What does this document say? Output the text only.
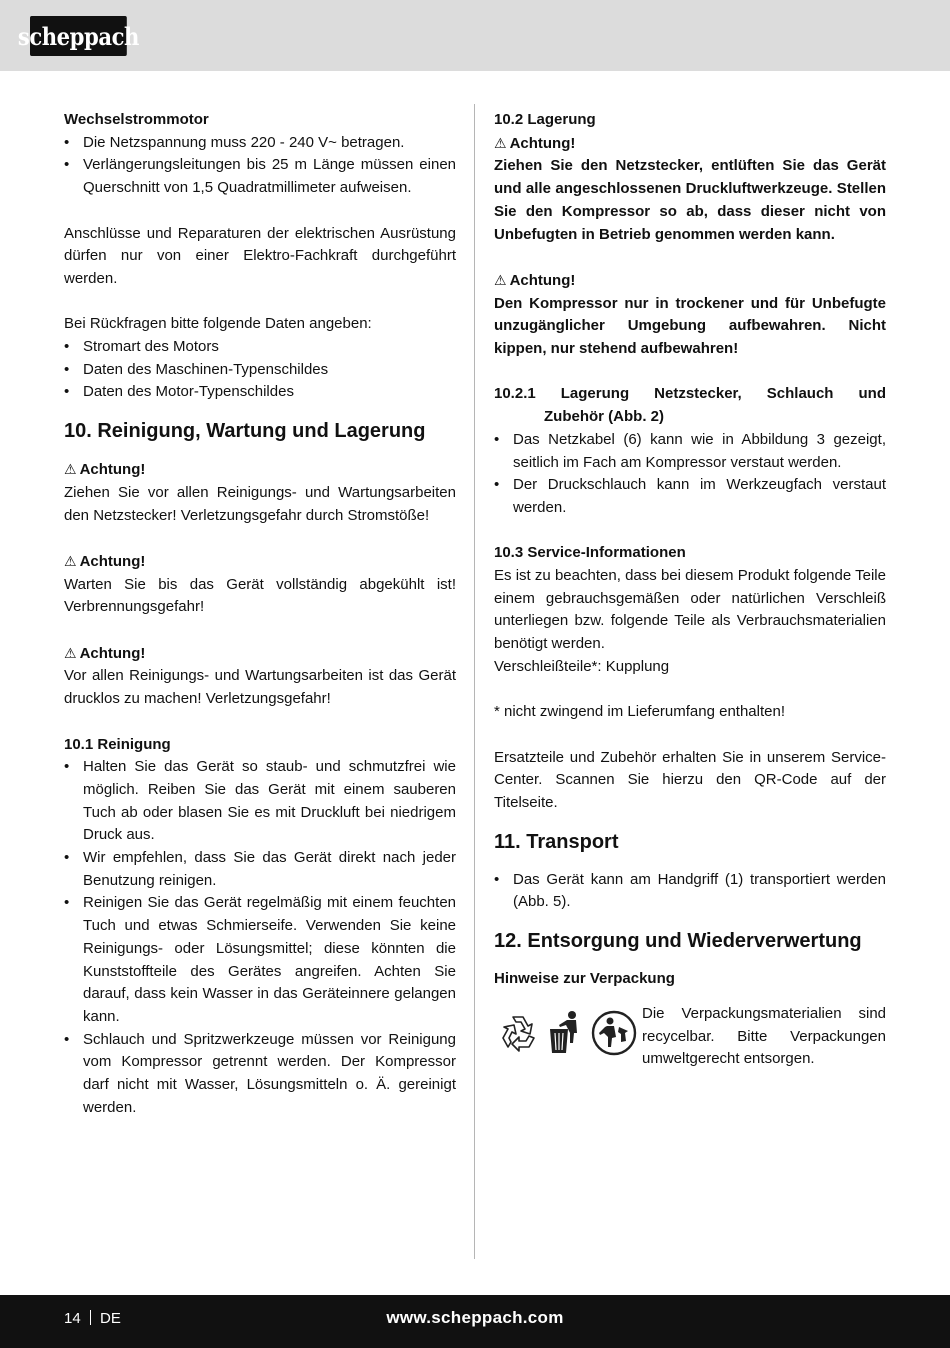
scheppach

Wechselstrommotor

• Die Netzspannung muss 220 - 240 V~ betragen.
• Verlängerungsleitungen bis 25 m Länge müssen einen Querschnitt von 1,5 Quadratmillimeter aufweisen.

Anschlüsse und Reparaturen der elektrischen Ausrüstung dürfen nur von einer Elektro-Fachkraft durchgeführt werden.

Bei Rückfragen bitte folgende Daten angeben:

• Stromart des Motors
• Daten des Maschinen-Typenschildes
• Daten des Motor-Typenschildes
10. Reinigung, Wartung und Lagerung

⚠ Achtung!

Ziehen Sie vor allen Reinigungs- und Wartungsarbeiten den Netzstecker! Verletzungsgefahr durch Stromstöße!

⚠ Achtung!

Warten Sie bis das Gerät vollständig abgekühlt ist! Verbrennungsgefahr!

⚠ Achtung!

Vor allen Reinigungs- und Wartungsarbeiten ist das Gerät drucklos zu machen! Verletzungsgefahr!

10.1 Reinigung

• Halten Sie das Gerät so staub- und schmutzfrei wie möglich. Reiben Sie das Gerät mit einem sauberen Tuch ab oder blasen Sie es mit Druckluft bei niedrigem Druck aus.
• Wir empfehlen, dass Sie das Gerät direkt nach jeder Benutzung reinigen.
• Reinigen Sie das Gerät regelmäßig mit einem feuchten Tuch und etwas Schmierseife. Verwenden Sie keine Reinigungs- oder Lösungsmittel; diese könnten die Kunststoffteile des Gerätes angreifen. Achten Sie darauf, dass kein Wasser in das Geräteinnere gelangen kann.
• Schlauch und Spritzwerkzeuge müssen vor Reinigung vom Kompressor getrennt werden. Der Kompressor darf nicht mit Wasser, Lösungsmitteln o. Ä. gereinigt werden.

10.2 Lagerung

⚠ Achtung!

Ziehen Sie den Netzstecker, entlüften Sie das Gerät und alle angeschlossenen Druckluftwerkzeuge. Stellen Sie den Kompressor so ab, dass dieser nicht von Unbefugten in Betrieb genommen werden kann.

⚠ Achtung!

Den Kompressor nur in trockener und für Unbefugte unzugänglicher Umgebung aufbewahren. Nicht kippen, nur stehend aufbewahren!

10.2.1 Lagerung Netzstecker, Schlauch und

Zubehör (Abb. 2)

• Das Netzkabel (6) kann wie in Abbildung 3 gezeigt, seitlich im Fach am Kompressor verstaut werden.
• Der Druckschlauch kann im Werkzeugfach verstaut werden.

10.3 Service-Informationen

Es ist zu beachten, dass bei diesem Produkt folgende Teile einem gebrauchsgemäßen oder natürlichen Verschleiß unterliegen bzw. folgende Teile als Verbrauchsmaterialien benötigt werden.

Verschleißteile*: Kupplung

* nicht zwingend im Lieferumfang enthalten!

Ersatzteile und Zubehör erhalten Sie in unserem Service-Center. Scannen Sie hierzu den QR-Code auf der Titelseite.

11. Transport
• Das Gerät kann am Handgriff (1) transportiert werden (Abb. 5).
12. Entsorgung und Wiederverwertung

Hinweise zur Verpackung

Die Verpackungsmaterialien sind recycelbar. Bitte Verpackungen umweltgerecht entsorgen.

14 DE	www.scheppach.com
